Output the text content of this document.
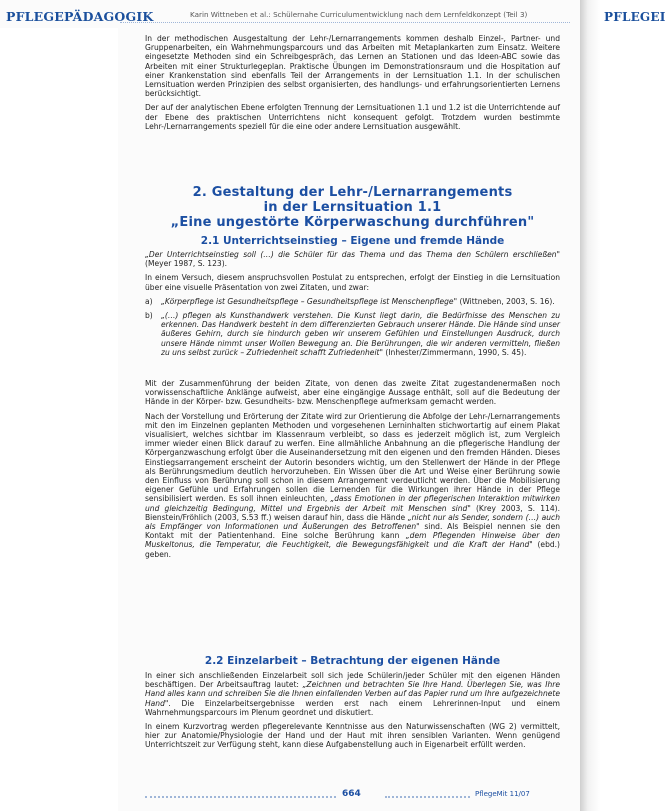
PFLEGEPÄDAGOGIK	Karin Wittneben et al.: Schülernahe Curriculumentwicklung nach dem Lernfeldkonzept (Teil 3)

In der methodischen Ausgestaltung der Lehr-/Lernarrangements kommen deshalb Einzel-, Partner- und Gruppenarbeiten, ein Wahrnehmungsparcours und das Arbeiten mit Metaplankarten zum Einsatz. Weitere eingesetzte Methoden sind ein Schreibgespräch, das Lernen an Stationen und das Ideen-ABC sowie das Arbeiten mit einer Strukturlegeplan. Praktische Übungen im Demonstrationsraum und die Hospitation auf einer Krankenstation sind ebenfalls Teil der Arrangements in der Lernsituation 1.1. In der schulischen Lernsituation werden Prinzipien des selbst organisierten, des handlungs- und erfahrungsorientierten Lernens berücksichtigt.

Der auf der analytischen Ebene erfolgten Trennung der Lernsituationen 1.1 und 1.2 ist die Unterrichtende auf der Ebene des praktischen Unterrichtens nicht konsequent gefolgt. Trotzdem wurden bestimmte Lehr-/Lernarrangements speziell für die eine oder andere Lernsituation ausgewählt.

2. Gestaltung der Lehr-/Lernarrangements
in der Lernsituation 1.1
„Eine ungestörte Körperwaschung durchführen"
2.1 Unterrichtseinstieg – Eigene und fremde Hände

„Der Unterrichtseinstieg soll (…) die Schüler für das Thema und das Thema den Schülern erschließen" (Meyer 1987, S. 123).

In einem Versuch, diesem anspruchsvollen Postulat zu entsprechen, erfolgt der Einstieg in die Lernsituation über eine visuelle Präsentation von zwei Zitaten, und zwar:

a)	„Körperpflege ist Gesundheitspflege – Gesundheitspflege ist Menschenpflege" (Wittneben, 2003, S. 16).
b)	„(…) pflegen als Kunsthandwerk verstehen. Die Kunst liegt darin, die Bedürfnisse des Menschen zu erkennen. Das Handwerk besteht in dem differenzierten Gebrauch unserer Hände. Die Hände sind unser äußeres Gehirn, durch sie hindurch geben wir unserem Gefühlen und Einstellungen Ausdruck, durch unsere Hände nimmt unser Wollen Bewegung an. Die Berührungen, die wir anderen vermitteln, fließen zu uns selbst zurück – Zufriedenheit schafft Zufriedenheit" (Inhester/Zimmermann, 1990, S. 45).

Mit der Zusammenführung der beiden Zitate, von denen das zweite Zitat zugestandenermaßen noch vorwissenschaftliche Anklänge aufweist, aber eine eingängige Aussage enthält, soll auf die Bedeutung der Hände in der Körper- bzw. Gesundheits- bzw. Menschenpflege aufmerksam gemacht werden.

Nach der Vorstellung und Erörterung der Zitate wird zur Orientierung die Abfolge der Lehr-/Lernarrangements mit den im Einzelnen geplanten Methoden und vorgesehenen Lerninhalten stichwortartig auf einem Plakat visualisiert, welches sichtbar im Klassenraum verbleibt, so dass es jederzeit möglich ist, zum Vergleich immer wieder einen Blick darauf zu werfen. Eine allmähliche Anbahnung an die pflegerische Handlung der Körperganzwaschung erfolgt über die Auseinandersetzung mit den eigenen und den fremden Händen. Dieses Einstiegsarrangement erscheint der Autorin besonders wichtig, um den Stellenwert der Hände in der Pflege als Berührungsmedium deutlich hervorzuheben. Ein Wissen über die Art und Weise einer Berührung sowie den Einfluss von Berührung soll schon in diesem Arrangement verdeutlicht werden. Über die Mobilisierung eigener Gefühle und Erfahrungen sollen die Lernenden für die Wirkungen ihrer Hände in der Pflege sensibilisiert werden. Es soll ihnen einleuchten, „dass Emotionen in der pflegerischen Interaktion mitwirken und gleichzeitig Bedingung, Mittel und Ergebnis der Arbeit mit Menschen sind" (Krey 2003, S. 114). Bienstein/Fröhlich (2003, S.53 ff.) weisen darauf hin, dass die Hände „nicht nur als Sender, sondern (…) auch als Empfänger von Informationen und Äußerungen des Betroffenen" sind. Als Beispiel nennen sie den Kontakt mit der Patientenhand. Eine solche Berührung kann „dem Pflegenden Hinweise über den Muskeltonus, die Temperatur, die Feuchtigkeit, die Bewegungsfähigkeit und die Kraft der Hand" (ebd.) geben.

2.2 Einzelarbeit – Betrachtung der eigenen Hände

In einer sich anschließenden Einzelarbeit soll sich jede Schülerin/jeder Schüler mit den eigenen Händen beschäftigen. Der Arbeitsauftrag lautet: „Zeichnen und betrachten Sie Ihre Hand. Überlegen Sie, was Ihre Hand alles kann und schreiben Sie die Ihnen einfallenden Verben auf das Papier rund um Ihre aufgezeichnete Hand". Die Einzelarbeitsergebnisse werden erst nach einem Lehrerinnen-Input und einem Wahrnehmungsparcours im Plenum geordnet und diskutiert.

In einem Kurzvortrag werden pflegerelevante Kenntnisse aus den Naturwissenschaften (WG 2) vermittelt, hier zur Anatomie/Physiologie der Hand und der Haut mit ihren sensiblen Varianten. Wenn genügend Unterrichtszeit zur Verfügung steht, kann diese Aufgabenstellung auch in Eigenarbeit erfüllt werden.

664	PflegeMit 11/07
PFLEGEI
